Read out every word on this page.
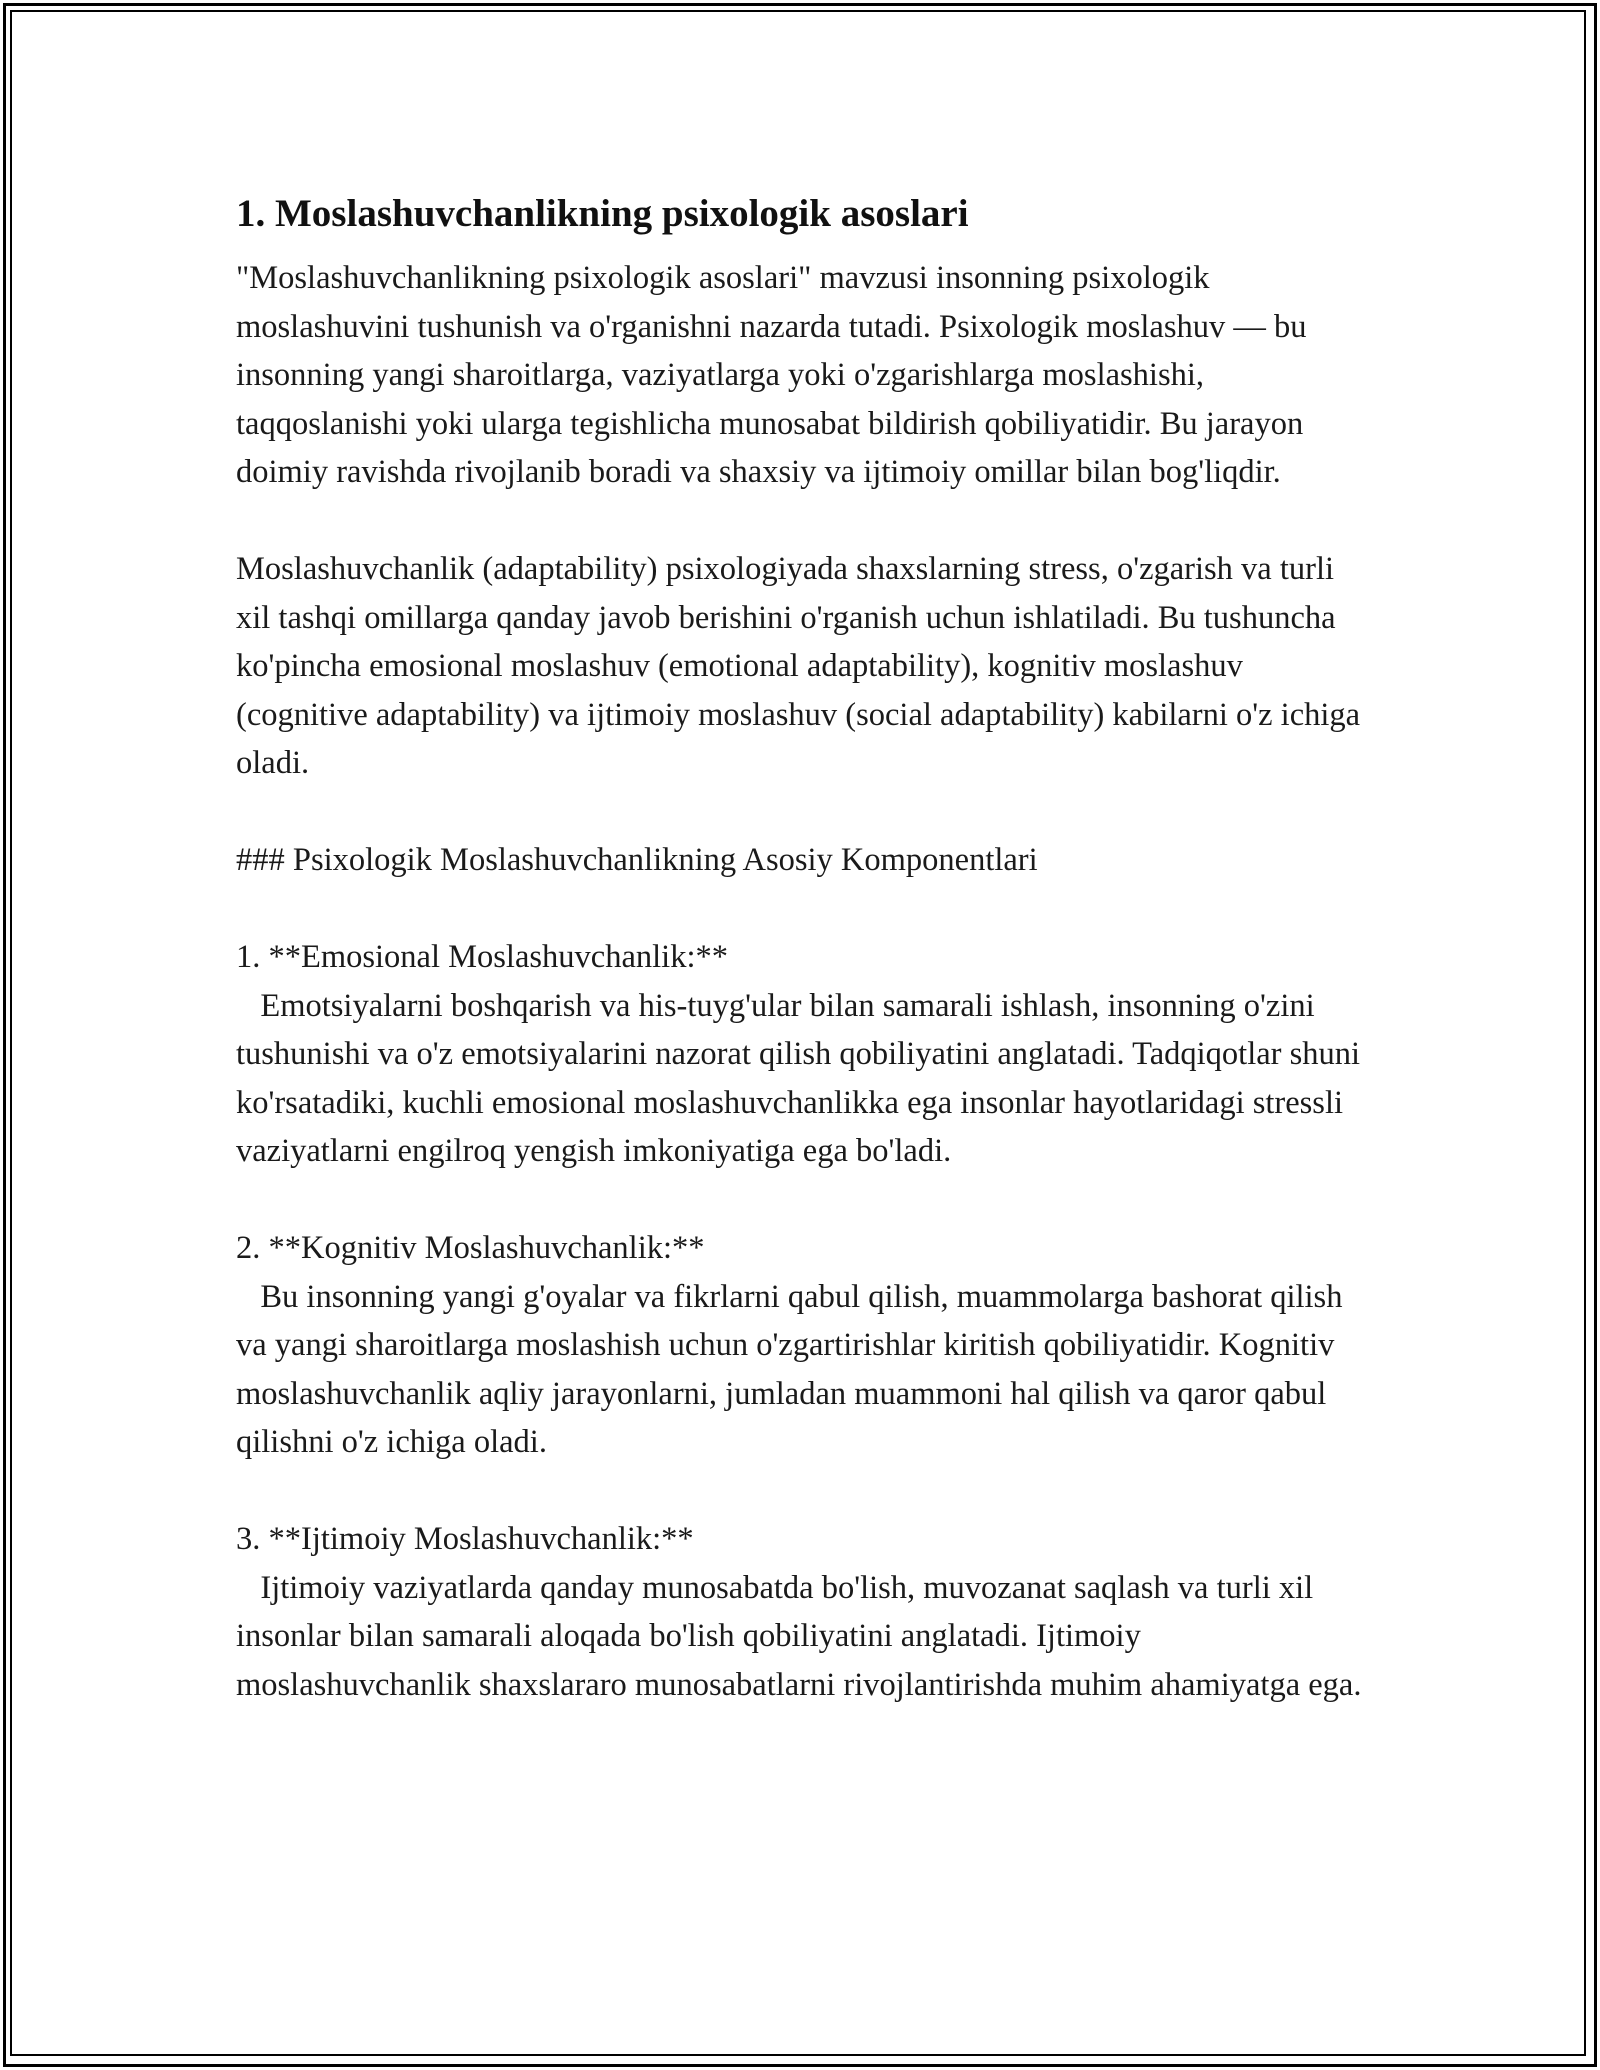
1. Moslashuvchanlikning psixologik asoslari

"Moslashuvchanlikning psixologik asoslari" mavzusi insonning psixologik moslashuvini tushunish va o'rganishni nazarda tutadi. Psixologik moslashuv — bu insonning yangi sharoitlarga, vaziyatlarga yoki o'zgarishlarga moslashishi, taqqoslanishi yoki ularga tegishlicha munosabat bildirish qobiliyatidir. Bu jarayon doimiy ravishda rivojlanib boradi va shaxsiy va ijtimoiy omillar bilan bog'liqdir.

Moslashuvchanlik (adaptability) psixologiyada shaxslarning stress, o'zgarish va turli xil tashqi omillarga qanday javob berishini o'rganish uchun ishlatiladi. Bu tushuncha ko'pincha emosional moslashuv (emotional adaptability), kognitiv moslashuv (cognitive adaptability) va ijtimoiy moslashuv (social adaptability) kabilarni o'z ichiga oladi.

### Psixologik Moslashuvchanlikning Asosiy Komponentlari

1. **Emosional Moslashuvchanlik:**
Emotsiyalarni boshqarish va his-tuyg'ular bilan samarali ishlash, insonning o'zini tushunishi va o'z emotsiyalarini nazorat qilish qobiliyatini anglatadi. Tadqiqotlar shuni ko'rsatadiki, kuchli emosional moslashuvchanlikka ega insonlar hayotlaridagi stressli vaziyatlarni engilroq yengish imkoniyatiga ega bo'ladi.

2. **Kognitiv Moslashuvchanlik:**
Bu insonning yangi g'oyalar va fikrlarni qabul qilish, muammolarga bashorat qilish va yangi sharoitlarga moslashish uchun o'zgartirishlar kiritish qobiliyatidir. Kognitiv moslashuvchanlik aqliy jarayonlarni, jumladan muammoni hal qilish va qaror qabul qilishni o'z ichiga oladi.

3. **Ijtimoiy Moslashuvchanlik:**
Ijtimoiy vaziyatlarda qanday munosabatda bo'lish, muvozanat saqlash va turli xil insonlar bilan samarali aloqada bo'lish qobiliyatini anglatadi. Ijtimoiy moslashuvchanlik shaxslararo munosabatlarni rivojlantirishda muhim ahamiyatga ega.
